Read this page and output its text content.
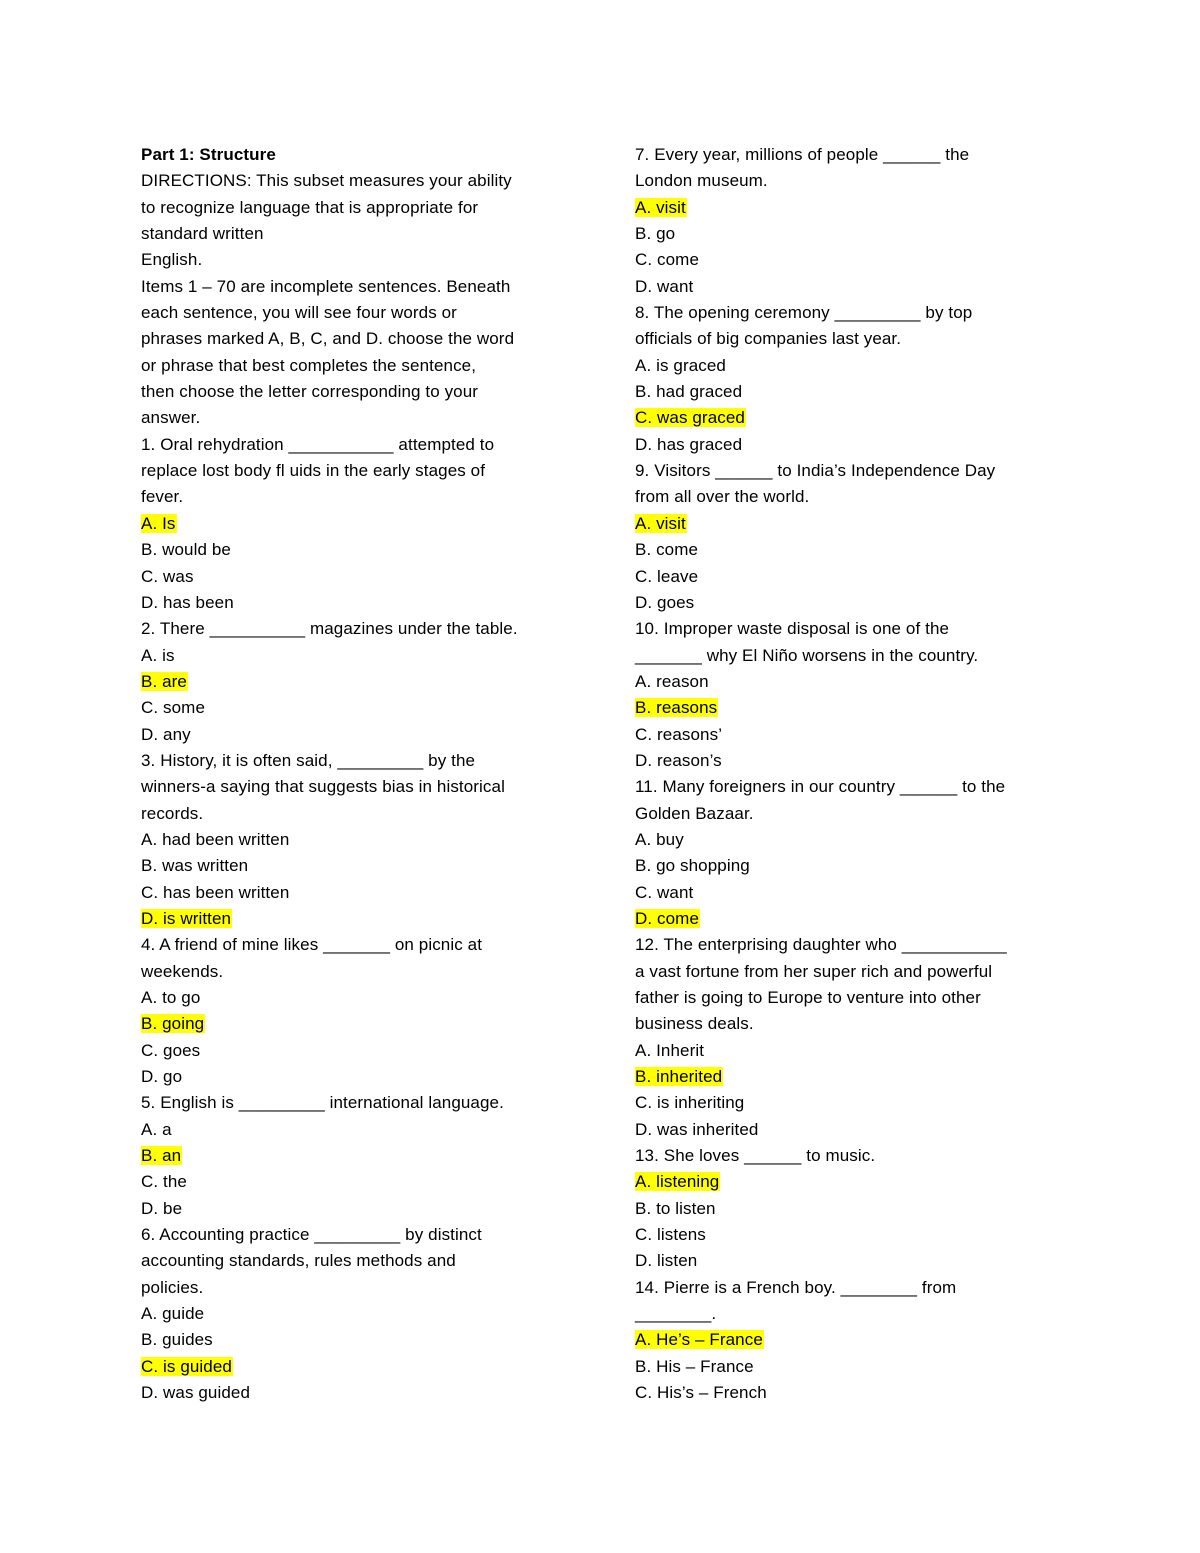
Part 1: Structure
DIRECTIONS: This subset measures your ability
to recognize language that is appropriate for
standard written
English.
Items 1 – 70 are incomplete sentences. Beneath
each sentence, you will see four words or
phrases marked A, B, C, and D. choose the word
or phrase that best completes the sentence,
then choose the letter corresponding to your
answer.
1. Oral rehydration ___________ attempted to
replace lost body fl uids in the early stages of
fever.
A. Is
B. would be
C. was
D. has been
2. There __________ magazines under the table.
A. is
B. are
C. some
D. any
3. History, it is often said, _________ by the
winners-a saying that suggests bias in historical
records.
A. had been written
B. was written
C. has been written
D. is written
4. A friend of mine likes _______ on picnic at
weekends.
A. to go
B. going
C. goes
D. go
5. English is _________ international language.
A. a
B. an
C. the
D. be
6. Accounting practice _________ by distinct
accounting standards, rules methods and
policies.
A. guide
B. guides
C. is guided
D. was guided
7. Every year, millions of people ______ the
London museum.
A. visit
B. go
C. come
D. want
8. The opening ceremony _________ by top
officials of big companies last year.
A. is graced
B. had graced
C. was graced
D. has graced
9. Visitors ______ to India’s Independence Day
from all over the world.
A. visit
B. come
C. leave
D. goes
10. Improper waste disposal is one of the
_______ why El Niño worsens in the country.
A. reason
B. reasons
C. reasons’
D. reason’s
11. Many foreigners in our country ______ to the
Golden Bazaar.
A. buy
B. go shopping
C. want
D. come
12. The enterprising daughter who ___________
a vast fortune from her super rich and powerful
father is going to Europe to venture into other
business deals.
A. Inherit
B. inherited
C. is inheriting
D. was inherited
13. She loves ______ to music.
A. listening
B. to listen
C. listens
D. listen
14. Pierre is a French boy. ________ from
________.
A. He’s – France
B. His – France
C. His’s – French
